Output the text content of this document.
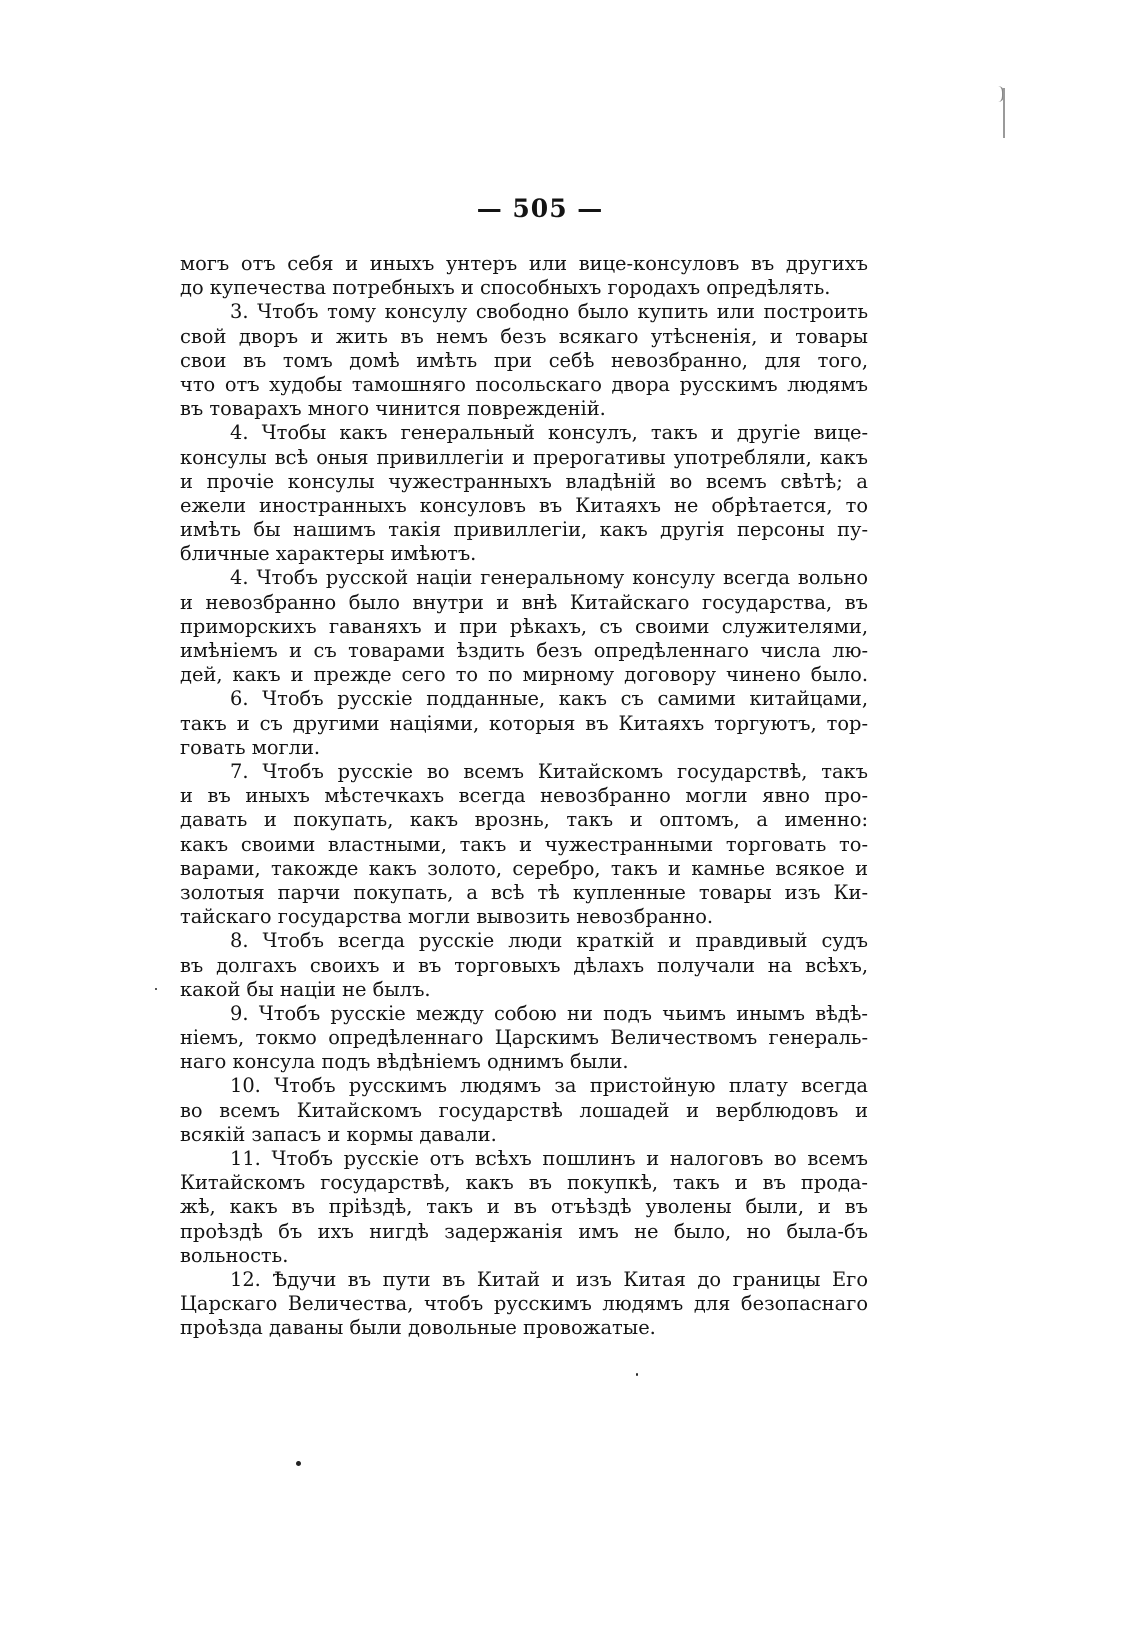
— 505 —
могъ отъ себя и иныхъ унтеръ или вице-консуловъ въ другихъ
до купечества потребныхъ и способныхъ городахъ опредѣлять.
3. Чтобъ тому консулу свободно было купить или построить
свой дворъ и жить въ немъ безъ всякаго утѣсненія, и товары
свои въ томъ домѣ имѣть при себѣ невозбранно, для того,
что отъ худобы тамошняго посольскаго двора русскимъ людямъ
въ товарахъ много чинится поврежденій.
4. Чтобы какъ генеральный консулъ, такъ и другіе вице-
консулы всѣ оныя привиллегіи и прерогативы употребляли, какъ
и прочіе консулы чужестранныхъ владѣній во всемъ свѣтѣ; а
ежели иностранныхъ консуловъ въ Китаяхъ не обрѣтается, то
имѣть бы нашимъ такія привиллегіи, какъ другія персоны пу-
бличные характеры имѣютъ.
4. Чтобъ русской націи генеральному консулу всегда вольно
и невозбранно было внутри и внѣ Китайскаго государства, въ
приморскихъ гаваняхъ и при рѣкахъ, съ своими служителями,
имѣніемъ и съ товарами ѣздить безъ опредѣленнаго числа лю-
дей, какъ и прежде сего то по мирному договору чинено было.
6. Чтобъ русскіе подданные, какъ съ самими китайцами,
такъ и съ другими націями, которыя въ Китаяхъ торгуютъ, тор-
говать могли.
7. Чтобъ русскіе во всемъ Китайскомъ государствѣ, такъ
и въ иныхъ мѣстечкахъ всегда невозбранно могли явно про-
давать и покупать, какъ врознь, такъ и оптомъ, а именно:
какъ своими властными, такъ и чужестранными торговать то-
варами, такожде какъ золото, серебро, такъ и камнье всякое и
золотыя парчи покупать, а всѣ тѣ купленные товары изъ Ки-
тайскаго государства могли вывозить невозбранно.
8. Чтобъ всегда русскіе люди краткій и правдивый судъ
въ долгахъ своихъ и въ торговыхъ дѣлахъ получали на всѣхъ,
какой бы націи не былъ.
9. Чтобъ русскіе между собою ни подъ чьимъ инымъ вѣдѣ-
ніемъ, токмо опредѣленнаго Царскимъ Величествомъ генераль-
наго консула подъ вѣдѣніемъ однимъ были.
10. Чтобъ русскимъ людямъ за пристойную плату всегда
во всемъ Китайскомъ государствѣ лошадей и верблюдовъ и
всякій запасъ и кормы давали.
11. Чтобъ русскіе отъ всѣхъ пошлинъ и налоговъ во всемъ
Китайскомъ государствѣ, какъ въ покупкѣ, такъ и въ прода-
жѣ, какъ въ пріѣздѣ, такъ и въ отъѣздѣ уволены были, и въ
проѣздѣ бъ ихъ нигдѣ задержанія имъ не было, но была-бъ
вольность.
12. Ѣдучи въ пути въ Китай и изъ Китая до границы Его
Царскаго Величества, чтобъ русскимъ людямъ для безопаснаго
проѣзда даваны были довольные провожатые.
